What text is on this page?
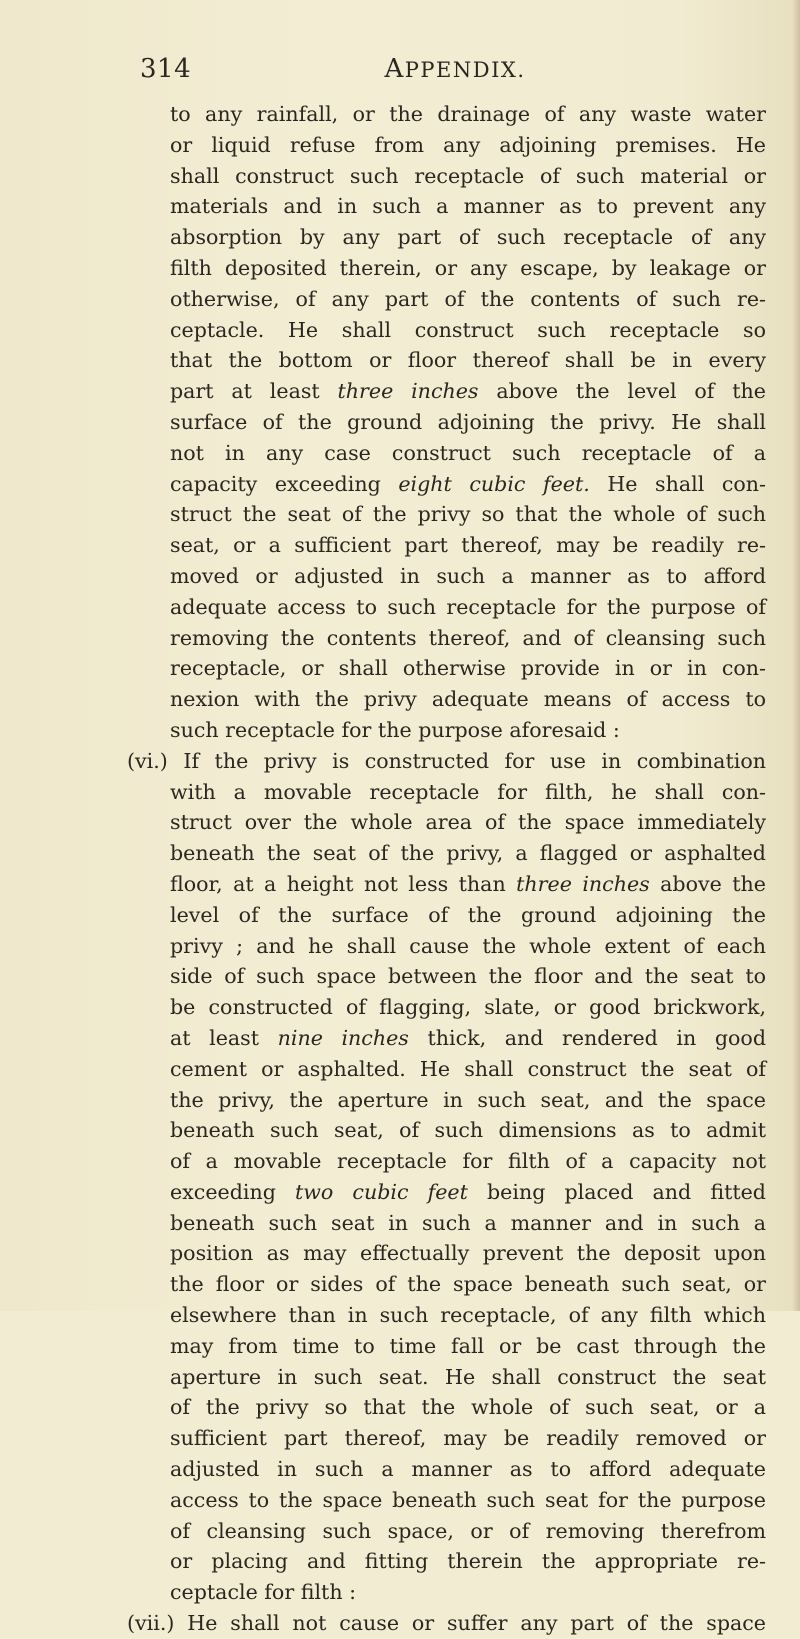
314	APPENDIX.
to any rainfall, or the drainage of any waste water
or liquid refuse from any adjoining premises. He
shall construct such receptacle of such material or
materials and in such a manner as to prevent any
absorption by any part of such receptacle of any
filth deposited therein, or any escape, by leakage or
otherwise, of any part of the contents of such re-
ceptacle. He shall construct such receptacle so
that the bottom or floor thereof shall be in every
part at least three inches above the level of the
surface of the ground adjoining the privy. He shall
not in any case construct such receptacle of a
capacity exceeding eight cubic feet. He shall con-
struct the seat of the privy so that the whole of such
seat, or a sufficient part thereof, may be readily re-
moved or adjusted in such a manner as to afford
adequate access to such receptacle for the purpose of
removing the contents thereof, and of cleansing such
receptacle, or shall otherwise provide in or in con-
nexion with the privy adequate means of access to
such receptacle for the purpose aforesaid :
(vi.) If the privy is constructed for use in combination
with a movable receptacle for filth, he shall con-
struct over the whole area of the space immediately
beneath the seat of the privy, a flagged or asphalted
floor, at a height not less than three inches above the
level of the surface of the ground adjoining the
privy ; and he shall cause the whole extent of each
side of such space between the floor and the seat to
be constructed of flagging, slate, or good brickwork,
at least nine inches thick, and rendered in good
cement or asphalted. He shall construct the seat of
the privy, the aperture in such seat, and the space
beneath such seat, of such dimensions as to admit
of a movable receptacle for filth of a capacity not
exceeding two cubic feet being placed and fitted
beneath such seat in such a manner and in such a
position as may effectually prevent the deposit upon
the floor or sides of the space beneath such seat, or
elsewhere than in such receptacle, of any filth which
may from time to time fall or be cast through the
aperture in such seat. He shall construct the seat
of the privy so that the whole of such seat, or a
sufficient part thereof, may be readily removed or
adjusted in such a manner as to afford adequate
access to the space beneath such seat for the purpose
of cleansing such space, or of removing therefrom
or placing and fitting therein the appropriate re-
ceptacle for filth :
(vii.) He shall not cause or suffer any part of the space
